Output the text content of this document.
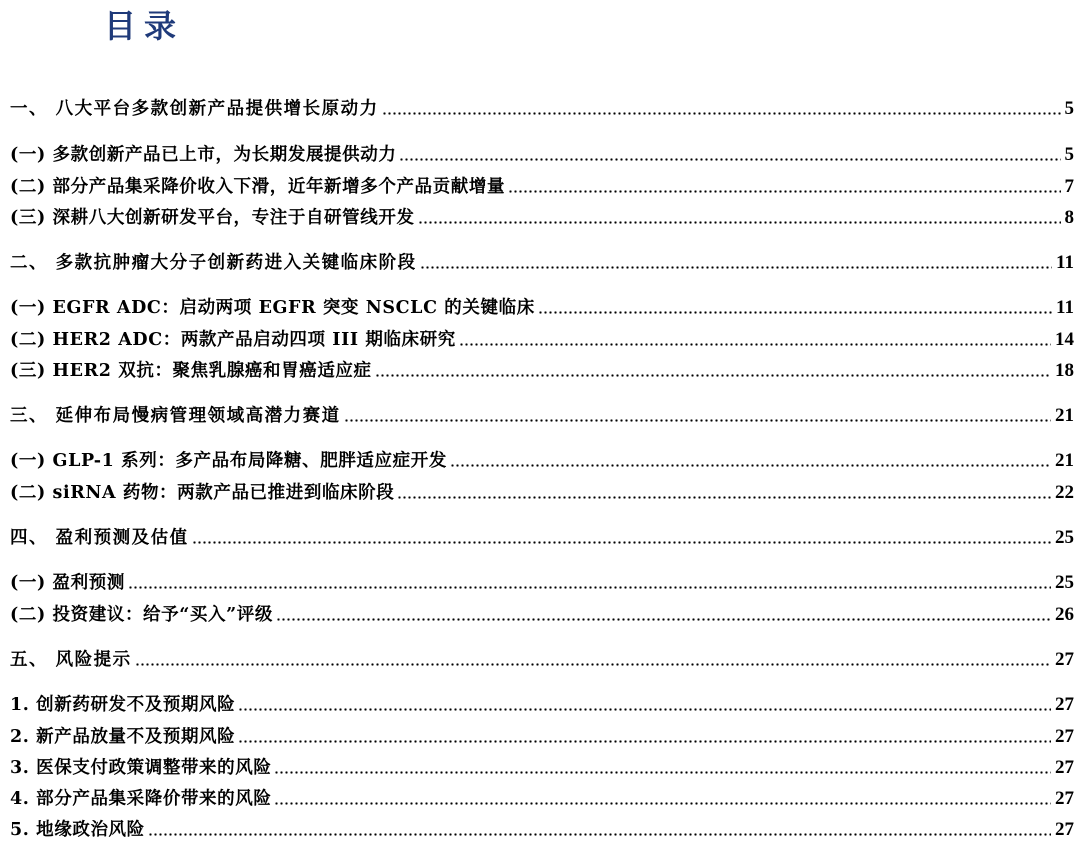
目录
一、 八大平台多款创新产品提供增长原动力	5
(一) 多款创新产品已上市，为长期发展提供动力	5
(二) 部分产品集采降价收入下滑，近年新增多个产品贡献增量	7
(三) 深耕八大创新研发平台，专注于自研管线开发	8
二、 多款抗肿瘤大分子创新药进入关键临床阶段	11
(一) EGFR ADC：启动两项 EGFR 突变 NSCLC 的关键临床	11
(二) HER2 ADC：两款产品启动四项 III 期临床研究	14
(三) HER2 双抗：聚焦乳腺癌和胃癌适应症	18
三、 延伸布局慢病管理领域高潜力赛道	21
(一) GLP-1 系列：多产品布局降糖、肥胖适应症开发	21
(二) siRNA 药物：两款产品已推进到临床阶段	22
四、 盈利预测及估值	25
(一) 盈利预测	25
(二) 投资建议：给予“买入”评级	26
五、 风险提示	27
1. 创新药研发不及预期风险	27
2. 新产品放量不及预期风险	27
3. 医保支付政策调整带来的风险	27
4. 部分产品集采降价带来的风险	27
5. 地缘政治风险	27
